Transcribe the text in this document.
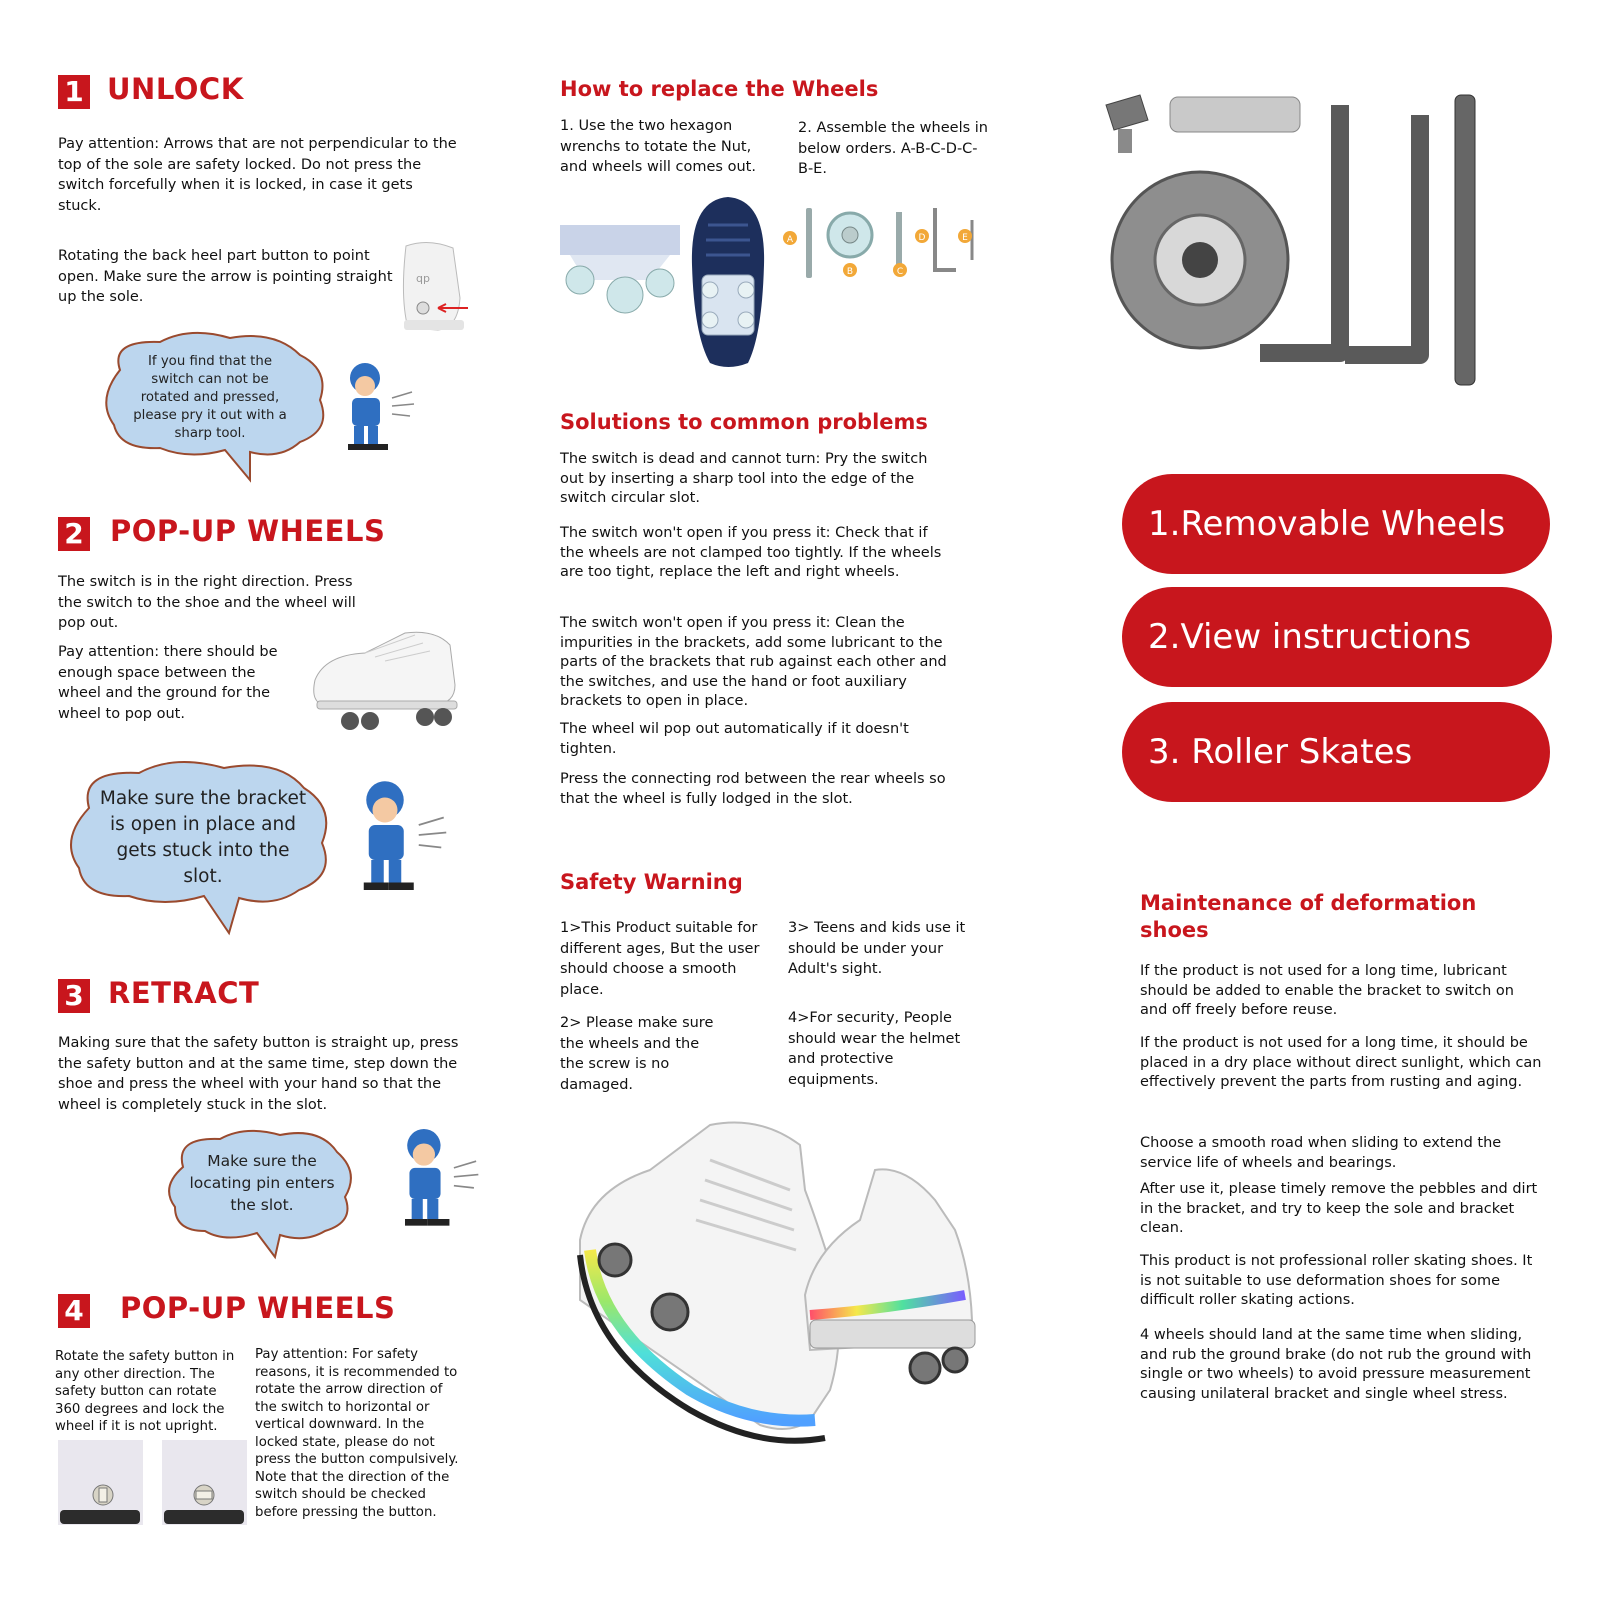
1 UNLOCK
Pay attention: Arrows that are not perpendicular to the top of the sole are safety locked. Do not press the switch forcefully when it is locked, in case it gets stuck.
Rotating the back heel part button to point open. Make sure the arrow is pointing straight up the sole.
qp
If you find that the switch can not be rotated and pressed, please pry it out with a sharp tool.
2 POP-UP WHEELS
The switch is in the right direction. Press the switch to the shoe and the wheel will pop out.
Pay attention: there should be enough space between the wheel and the ground for the wheel to pop out.
Make sure the bracket is open in place and gets stuck into the slot.
3 RETRACT
Making sure that the safety button is straight up, press the safety button and at the same time, step down the shoe and press the wheel with your hand so that the wheel is completely stuck in the slot.
Make sure the locating pin enters the slot.
4 POP-UP WHEELS
Rotate the safety button in any other direction. The safety button can rotate 360 degrees and lock the wheel if it is not upright.
Pay attention: For safety reasons, it is recommended to rotate the arrow direction of the switch to horizontal or vertical downward. In the locked state, please do not press the button compulsively. Note that the direction of the switch should be checked before pressing the button.
How to replace the Wheels
1. Use the two hexagon wrenchs to totate the Nut, and wheels will comes out.
2. Assemble the wheels in below orders. A-B-C-D-C- B-E.
A
B	C
D	E
Solutions to common problems
The switch is dead and cannot turn: Pry the switch out by inserting a sharp tool into the edge of the switch circular slot.
The switch won't open if you press it: Check that if the wheels are not clamped too tightly. If the wheels are too tight, replace the left and right wheels.
The switch won't open if you press it: Clean the impurities in the brackets, add some lubricant to the parts of the brackets that rub against each other and the switches, and use the hand or foot auxiliary brackets to open in place.
The wheel wil pop out automatically if it doesn't tighten.
Press the connecting rod between the rear wheels so that the wheel is fully lodged in the slot.
Safety Warning
1>This Product suitable for different ages, But the user should choose a smooth place.
2> Please make sure the wheels and the the screw is no damaged.
3> Teens and kids use it should be under your Adult's sight.
4>For security, People should wear the helmet and protective equipments.
1.Removable Wheels
2.View instructions
3. Roller Skates
Maintenance of deformation shoes
If the product is not used for a long time, lubricant should be added to enable the bracket to switch on and off freely before reuse.
If the product is not used for a long time, it should be placed in a dry place without direct sunlight, which can effectively prevent the parts from rusting and aging.
Choose a smooth road when sliding to extend the service life of wheels and bearings.
After use it, please timely remove the pebbles and dirt in the bracket, and try to keep the sole and bracket clean.
This product is not professional roller skating shoes. It is not suitable to use deformation shoes for some difficult roller skating actions.
4 wheels should land at the same time when sliding, and rub the ground brake (do not rub the ground with single or two wheels) to avoid pressure measurement causing unilateral bracket and single wheel stress.
